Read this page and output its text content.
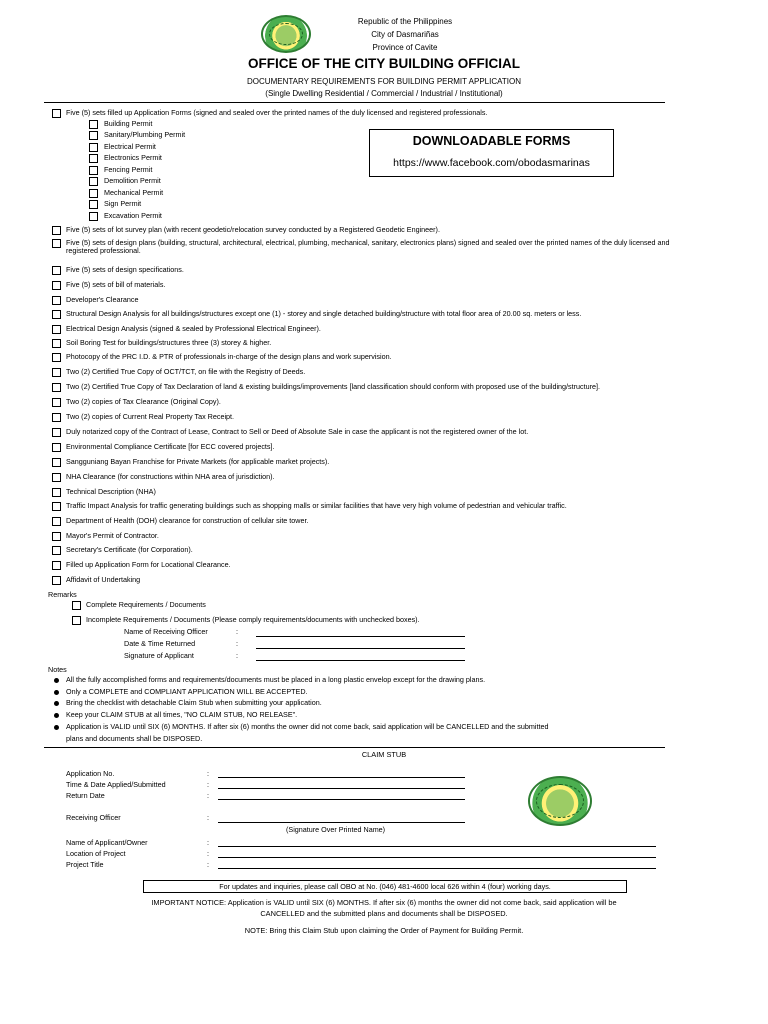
Republic of the Philippines
City of Dasmariñas
Province of Cavite
OFFICE OF THE CITY BUILDING OFFICIAL
DOCUMENTARY REQUIREMENTS FOR BUILDING PERMIT APPLICATION
(Single Dwelling Residential / Commercial / Industrial / Institutional)
DOWNLOADABLE FORMS
https://www.facebook.com/obodasmarinas
Five (5) sets filled up Application Forms (signed and sealed over the printed names of the duly licensed and registered professionals.
Five (5) sets of lot survey plan (with recent geodetic/relocation survey conducted by a Registered Geodetic Engineer).
Five (5) sets of design plans (building, structural, architectural, electrical, plumbing, mechanical, sanitary, electronics plans) signed and sealed over the printed names of the duly licensed and registered professional.
Five (5) sets of design specifications.
Five (5) sets of bill of materials.
Developer's Clearance
Structural Design Analysis for all buildings/structures except one (1) - storey and single detached building/structure with total floor area of 20.00 sq. meters or less.
Electrical Design Analysis (signed & sealed by Professional Electrical Engineer).
Soil Boring Test for buildings/structures three (3) storey & higher.
Photocopy of the PRC I.D. & PTR of professionals in-charge of the design plans and work supervision.
Two (2) Certified True Copy of OCT/TCT, on file with the Registry of Deeds.
Two (2) Certified True Copy of Tax Declaration of land & existing buildings/improvements [land classification should conform with proposed use of the building/structure].
Two (2) copies of Tax Clearance (Original Copy).
Two (2) copies of Current Real Property Tax Receipt.
Duly notarized copy of the Contract of Lease, Contract to Sell or Deed of Absolute Sale in case the applicant is not the registered owner of the lot.
Environmental Compliance Certificate [for ECC covered projects].
Sangguniang Bayan Franchise for Private Markets (for applicable market projects).
NHA Clearance (for constructions within NHA area of jurisdiction).
Technical Description (NHA)
Traffic Impact Analysis for traffic generating buildings such as shopping malls or similar facilities that have very high volume of pedestrian and vehicular traffic.
Department of Health (DOH) clearance for construction of cellular site tower.
Mayor's Permit of Contractor.
Secretary's Certificate (for Corporation).
Filled up Application Form for Locational Clearance.
Affidavit of Undertaking
Building Permit
Sanitary/Plumbing Permit
Electrical Permit
Electronics Permit
Fencing Permit
Demolition Permit
Mechanical Permit
Sign Permit
Excavation Permit
Remarks
Complete Requirements / Documents
Incomplete Requirements / Documents (Please comply requirements/documents with unchecked boxes).
Name of Receiving Officer
Date & Time Returned
Signature of Applicant
:
:
:
Notes
All the fully accomplished forms and requirements/documents must be placed in a long plastic envelop except for the drawing plans.
Only a COMPLETE and COMPLIANT APPLICATION WILL BE ACCEPTED.
Bring the checklist with detachable Claim Stub when submitting your application.
Keep your CLAIM STUB at all times, "NO CLAIM STUB, NO RELEASE".
Application is VALID until SIX (6) MONTHS. If after six (6) months the owner did not come back, said application will be CANCELLED and the submitted
plans and documents shall be DISPOSED.
CLAIM STUB
Application No.
Time & Date Applied/Submitted
Return Date
:
:
:
Receiving Officer	:
(Signature Over Printed Name)
Name of Applicant/Owner
Location of Project
Project Title
:
:
:
For updates and inquiries, please call OBO at No. (046) 481-4600 local 626 within 4 (four) working days.
IMPORTANT NOTICE: Application is VALID until SIX (6) MONTHS. If after six (6) months the owner did not come back, said application will be
CANCELLED and the submitted plans and documents shall be DISPOSED.
NOTE: Bring this Claim Stub upon claiming the Order of Payment for Building Permit.
